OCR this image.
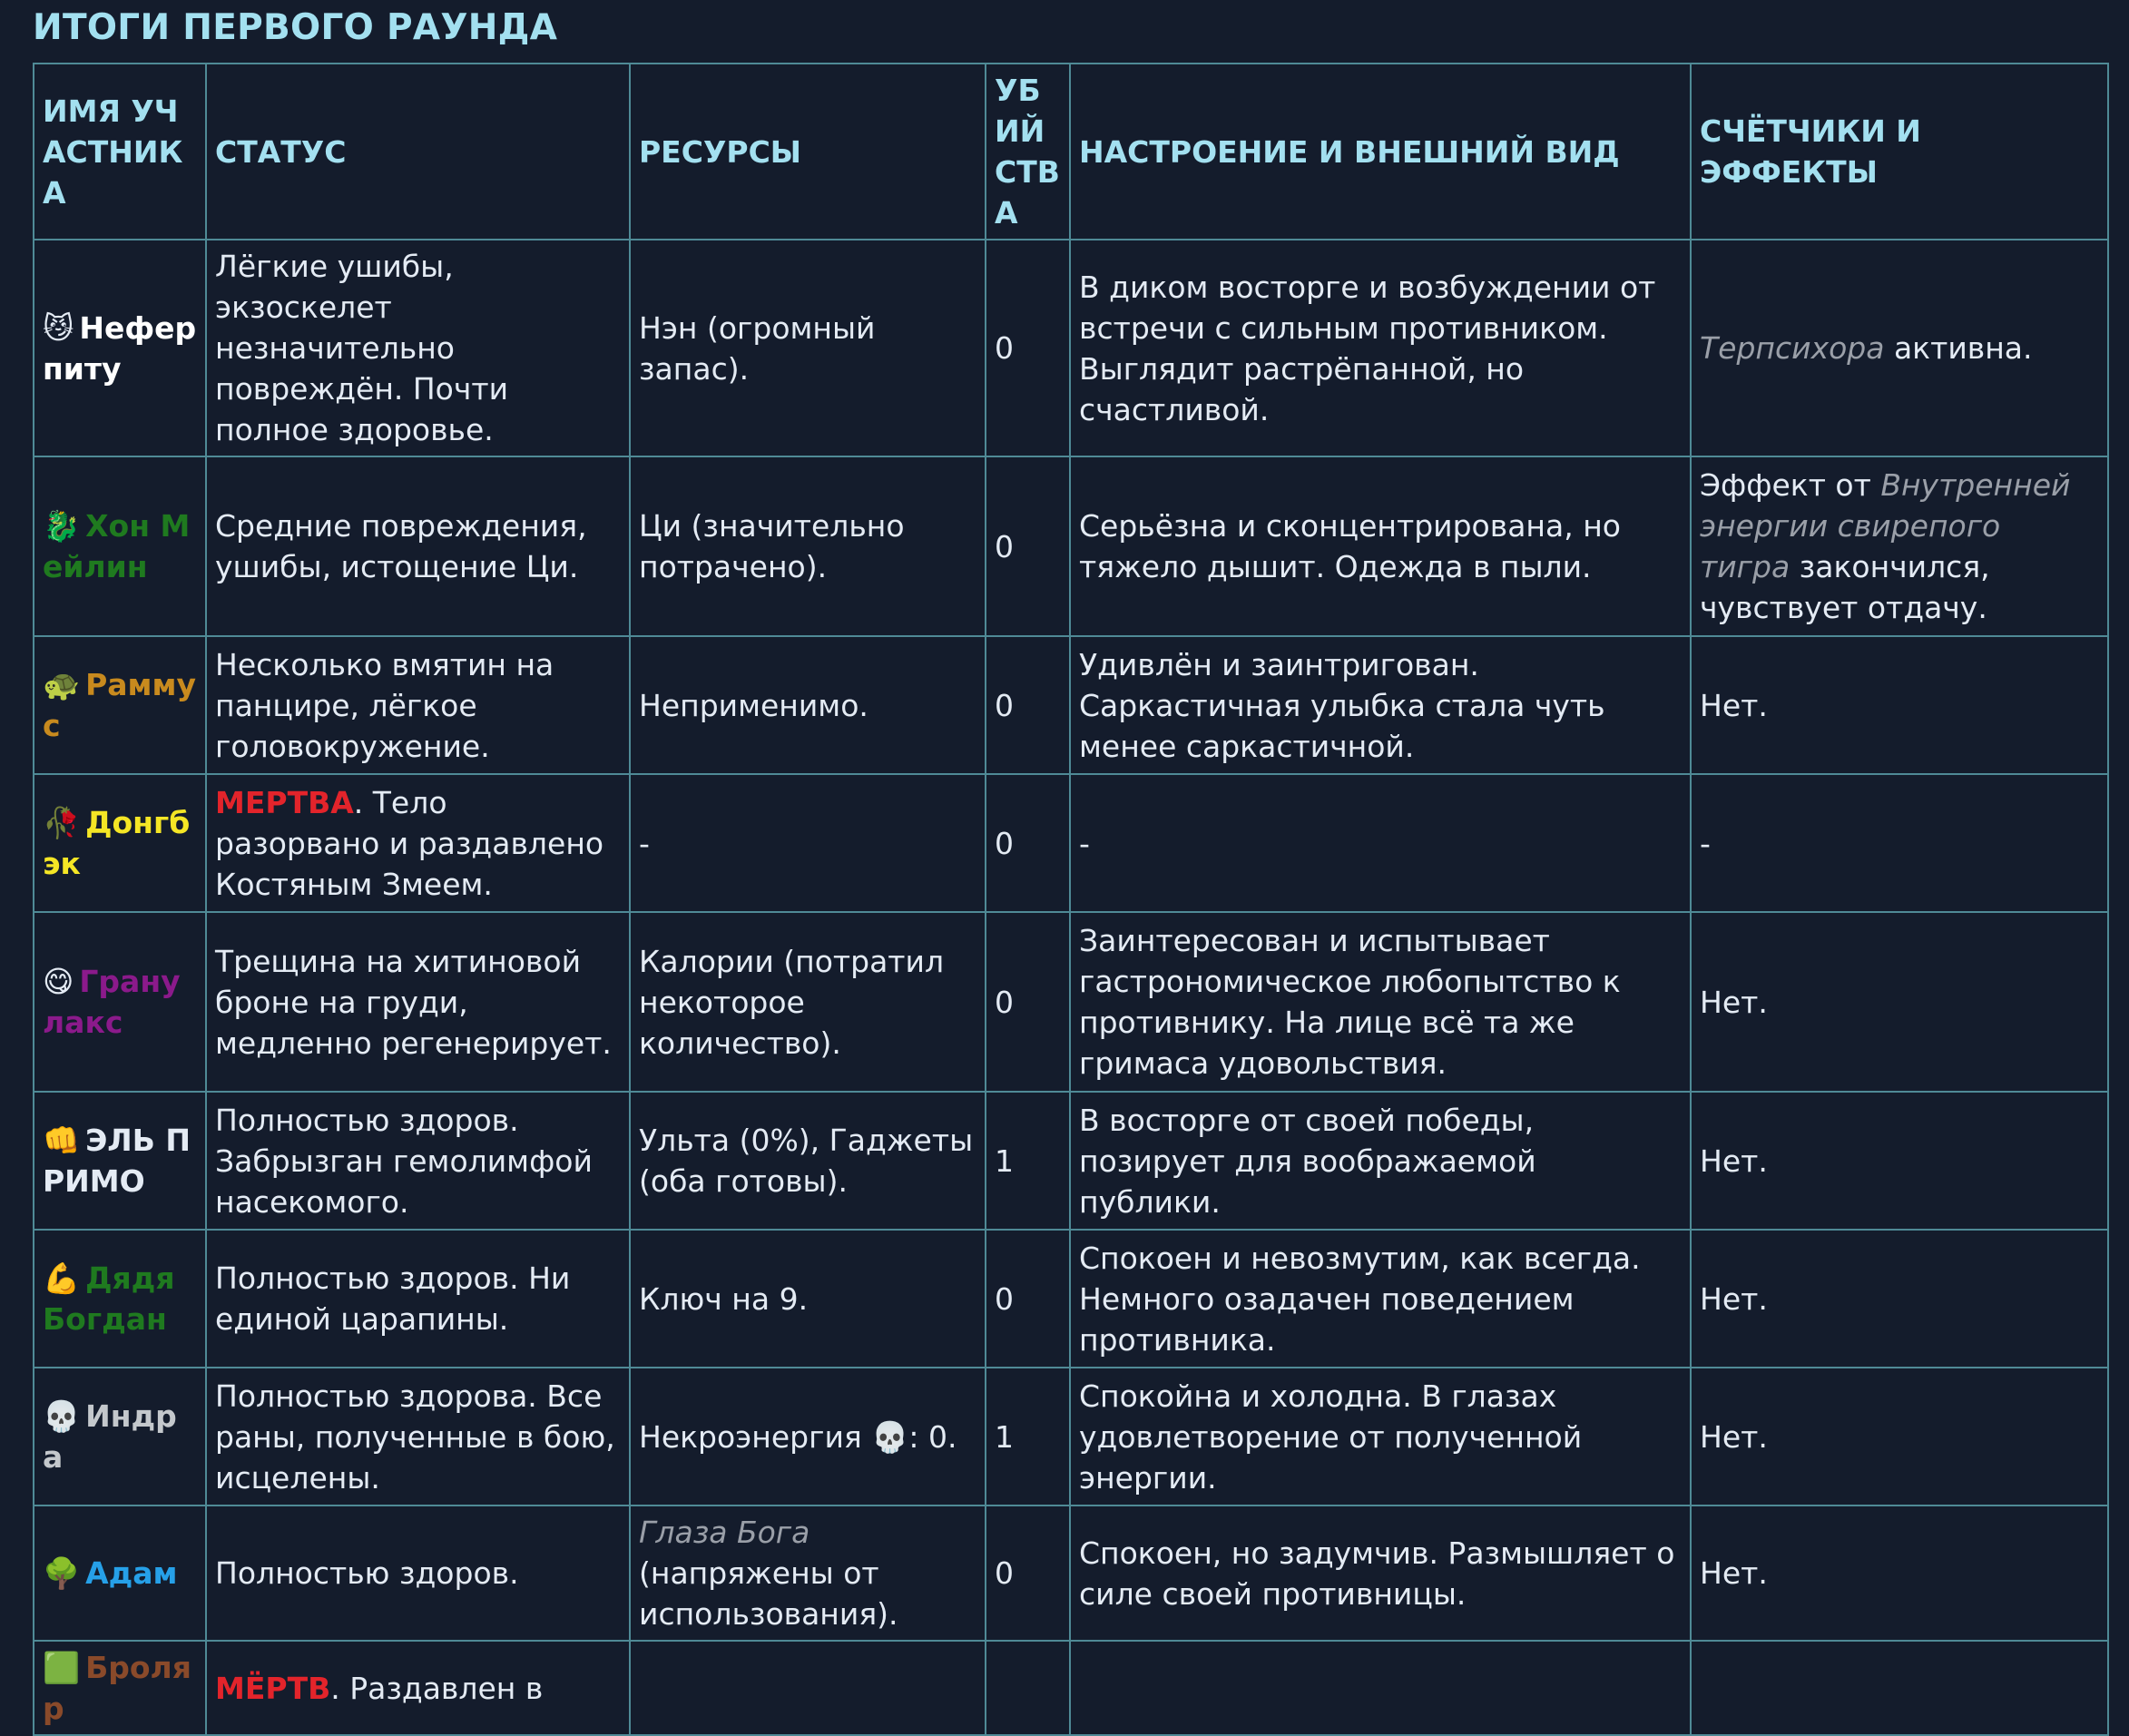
ИТОГИ ПЕРВОГО РАУНДА
ИМЯ УЧАСТНИКА	СТАТУС	РЕСУРСЫ	УБИЙСТВА	НАСТРОЕНИЕ И ВНЕШНИЙ ВИД	СЧЁТЧИКИ И ЭФФЕКТЫ
😼 Неферпиту	Лёгкие ушибы, экзоскелет незначительно повреждён. Почти полное здоровье.	Нэн (огромный запас).	0	В диком восторге и возбуждении от встречи с сильным противником. Выглядит растрёпанной, но счастливой.	Терпсихора активна.
🐉 Хон Мейлин	Средние повреждения, ушибы, истощение Ци.	Ци (значительно потрачено).	0	Серьёзна и сконцентрирована, но тяжело дышит. Одежда в пыли.	Эффект от Внутренней энергии свирепого тигра закончился, чувствует отдачу.
🐢 Раммус	Несколько вмятин на панцире, лёгкое головокружение.	Неприменимо.	0	Удивлён и заинтригован. Саркастичная улыбка стала чуть менее саркастичной.	Нет.
🥀 Донгбэк	МЕРТВА. Тело разорвано и раздавлено Костяным Змеем.	-	0	-	-
😋 Гранулакс	Трещина на хитиновой броне на груди, медленно регенерирует.	Калории (потратил некоторое количество).	0	Заинтересован и испытывает гастрономическое любопытство к противнику. На лице всё та же гримаса удовольствия.	Нет.
👊 ЭЛЬ ПРИМО	Полностью здоров. Забрызган гемолимфой насекомого.	Ульта (0%), Гаджеты (оба готовы).	1	В восторге от своей победы, позирует для воображаемой публики.	Нет.
💪 Дядя Богдан	Полностью здоров. Ни единой царапины.	Ключ на 9.	0	Спокоен и невозмутим, как всегда. Немного озадачен поведением противника.	Нет.
💀 Индра	Полностью здорова. Все раны, полученные в бою, исцелены.	Некроэнергия 💀: 0.	1	Спокойна и холодна. В глазах удовлетворение от полученной энергии.	Нет.
🌳 Адам	Полностью здоров.	Глаза Бога (напряжены от использования).	0	Спокоен, но задумчив. Размышляет о силе своей противницы.	Нет.
🟩 Броляр	МЁРТВ. Раздавлен в				
